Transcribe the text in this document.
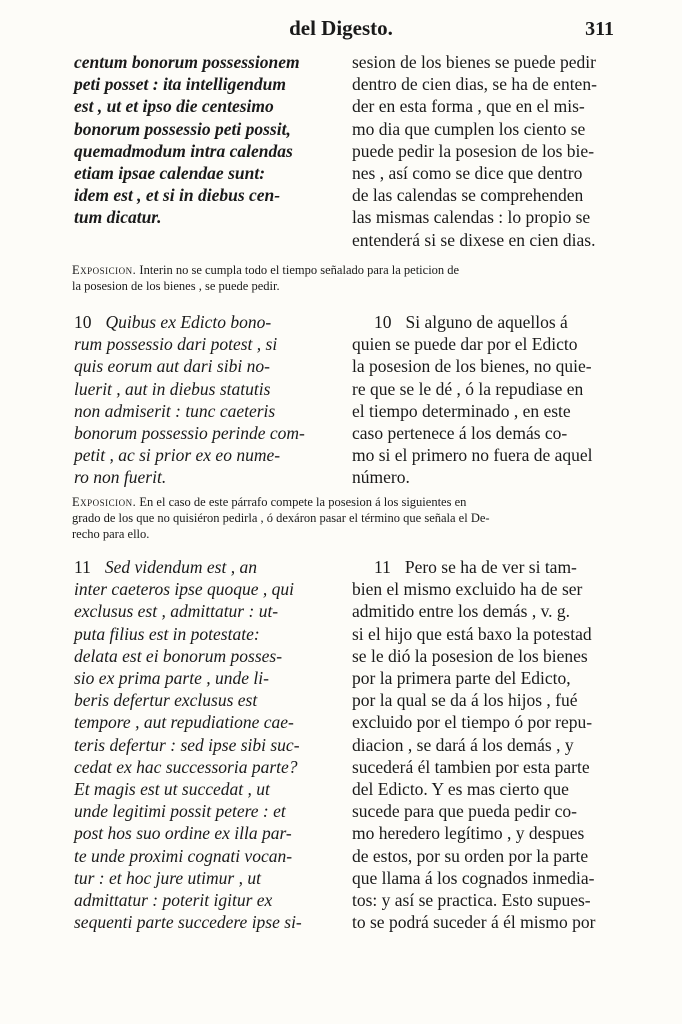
del Digesto.	311

centum bonorum possessionem

peti posset : ita intelligendum

est , ut et ipso die centesimo

bonorum possessio peti possit,

quemadmodum intra calendas

etiam ipsae calendae sunt:

idem est , et si in diebus cen-

tum dicatur.

sesion de los bienes se puede pedir

dentro de cien dias, se ha de enten-

der en esta forma , que en el mis-

mo dia que cumplen los ciento se

puede pedir la posesion de los bie-

nes , así como se dice que dentro

de las calendas se comprehenden

las mismas calendas : lo propio se

entenderá si se dixese en cien dias.

Exposicion. Interin no se cumpla todo el tiempo señalado para la peticion de

la posesion de los bienes , se puede pedir.

10 Quibus ex Edicto bono-

rum possessio dari potest , si

quis eorum aut dari sibi no-

luerit , aut in diebus statutis

non admiserit : tunc caeteris

bonorum possessio perinde com-

petit , ac si prior ex eo nume-

ro non fuerit.

10 Si alguno de aquellos á

quien se puede dar por el Edicto

la posesion de los bienes, no quie-

re que se le dé , ó la repudiase en

el tiempo determinado , en este

caso pertenece á los demás co-

mo si el primero no fuera de aquel

número.

Exposicion. En el caso de este párrafo compete la posesion á los siguientes en

grado de los que no quisiéron pedirla , ó dexáron pasar el término que señala el De-

recho para ello.

11 Sed videndum est , an

inter caeteros ipse quoque , qui

exclusus est , admittatur : ut-

puta filius est in potestate:

delata est ei bonorum posses-

sio ex prima parte , unde li-

beris defertur exclusus est

tempore , aut repudiatione cae-

teris defertur : sed ipse sibi suc-

cedat ex hac successoria parte?

Et magis est ut succedat , ut

unde legitimi possit petere : et

post hos suo ordine ex illa par-

te unde proximi cognati vocan-

tur : et hoc jure utimur , ut

admittatur : poterit igitur ex

sequenti parte succedere ipse si-

11 Pero se ha de ver si tam-

bien el mismo excluido ha de ser

admitido entre los demás , v. g.

si el hijo que está baxo la potestad

se le dió la posesion de los bienes

por la primera parte del Edicto,

por la qual se da á los hijos , fué

excluido por el tiempo ó por repu-

diacion , se dará á los demás , y

sucederá él tambien por esta parte

del Edicto. Y es mas cierto que

sucede para que pueda pedir co-

mo heredero legítimo , y despues

de estos, por su orden por la parte

que llama á los cognados inmedia-

tos: y así se practica. Esto supues-

to se podrá suceder á él mismo por
